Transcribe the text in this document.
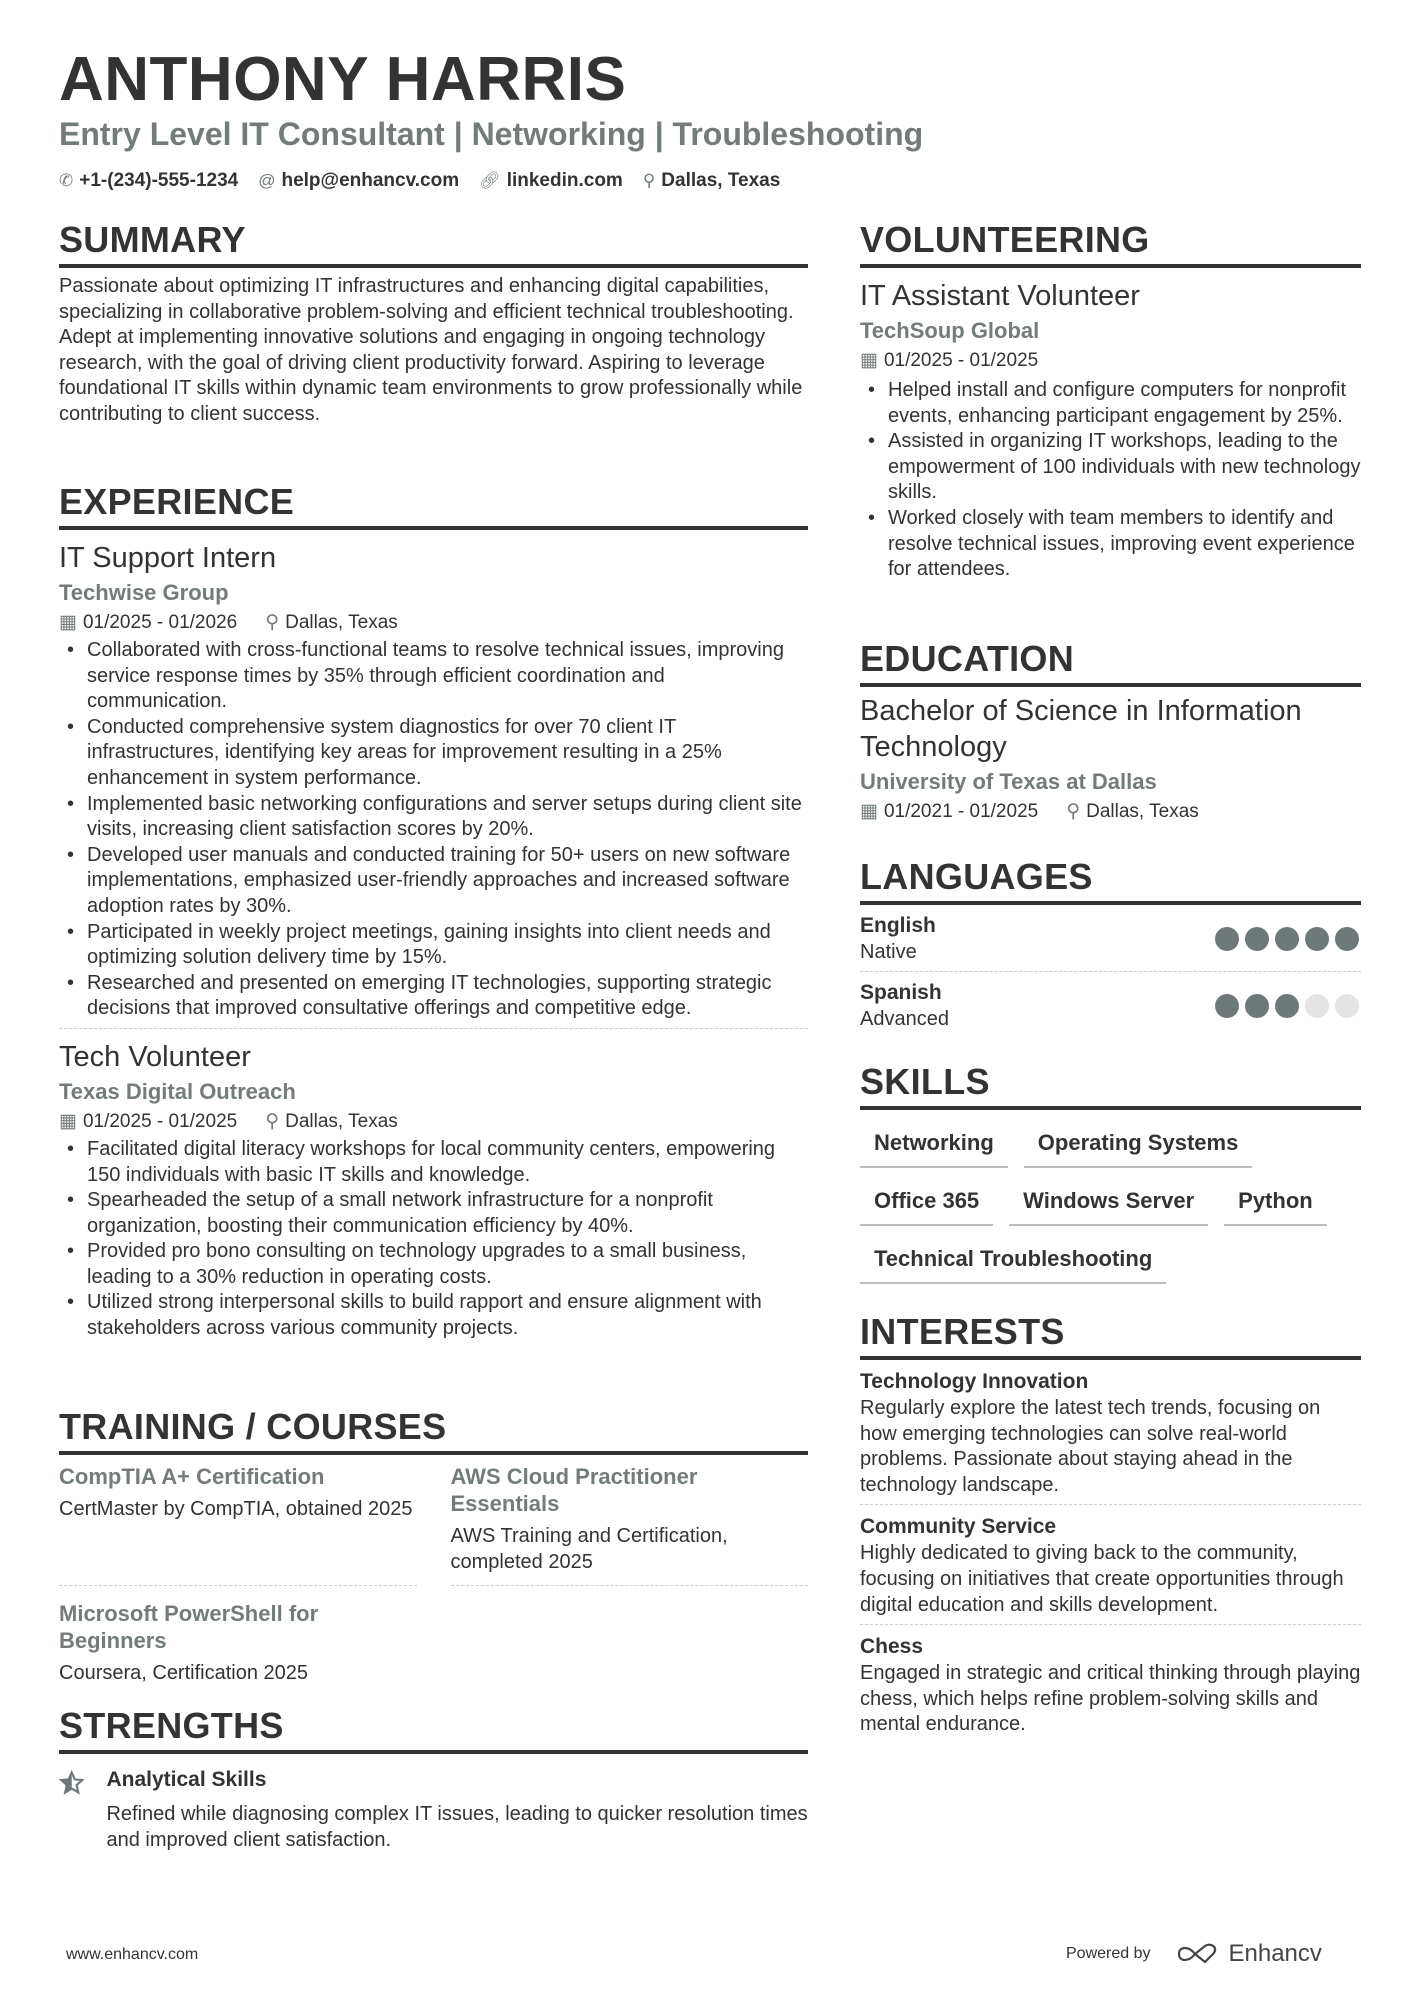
ANTHONY HARRIS
Entry Level IT Consultant | Networking | Troubleshooting
✆ +1-(234)-555-1234 @ help@enhancv.com 🔗︎ linkedin.com ⚲ Dallas, Texas
SUMMARY

Passionate about optimizing IT infrastructures and enhancing digital capabilities, specializing in collaborative problem-solving and efficient technical troubleshooting. Adept at implementing innovative solutions and engaging in ongoing technology research, with the goal of driving client productivity forward. Aspiring to leverage foundational IT skills within dynamic team environments to grow professionally while contributing to client success.

EXPERIENCE
IT Support Intern
Techwise Group
▦ 01/2025 - 01/2026 ⚲ Dallas, Texas
• Collaborated with cross-functional teams to resolve technical issues, improving service response times by 35% through efficient coordination and communication.
• Conducted comprehensive system diagnostics for over 70 client IT infrastructures, identifying key areas for improvement resulting in a 25% enhancement in system performance.
• Implemented basic networking configurations and server setups during client site visits, increasing client satisfaction scores by 20%.
• Developed user manuals and conducted training for 50+ users on new software implementations, emphasized user-friendly approaches and increased software adoption rates by 30%.
• Participated in weekly project meetings, gaining insights into client needs and optimizing solution delivery time by 15%.
• Researched and presented on emerging IT technologies, supporting strategic decisions that improved consultative offerings and competitive edge.
Tech Volunteer
Texas Digital Outreach
▦ 01/2025 - 01/2025 ⚲ Dallas, Texas
• Facilitated digital literacy workshops for local community centers, empowering 150 individuals with basic IT skills and knowledge.
• Spearheaded the setup of a small network infrastructure for a nonprofit organization, boosting their communication efficiency by 40%.
• Provided pro bono consulting on technology upgrades to a small business, leading to a 30% reduction in operating costs.
• Utilized strong interpersonal skills to build rapport and ensure alignment with stakeholders across various community projects.
TRAINING / COURSES
CompTIA A+ Certification
CertMaster by CompTIA, obtained 2025
AWS Cloud Practitioner Essentials
AWS Training and Certification, completed 2025
Microsoft PowerShell for Beginners
Coursera, Certification 2025
STRENGTHS
Analytical Skills

Refined while diagnosing complex IT issues, leading to quicker resolution times and improved client satisfaction.

VOLUNTEERING
IT Assistant Volunteer
TechSoup Global
▦ 01/2025 - 01/2025
• Helped install and configure computers for nonprofit events, enhancing participant engagement by 25%.
• Assisted in organizing IT workshops, leading to the empowerment of 100 individuals with new technology skills.
• Worked closely with team members to identify and resolve technical issues, improving event experience for attendees.
EDUCATION
Bachelor of Science in Information Technology
University of Texas at Dallas
▦ 01/2021 - 01/2025 ⚲ Dallas, Texas
LANGUAGES
English
Native
Spanish
Advanced
SKILLS
Networking	Operating Systems
Office 365	Windows Server	Python
Technical Troubleshooting
INTERESTS
Technology Innovation

Regularly explore the latest tech trends, focusing on how emerging technologies can solve real-world problems. Passionate about staying ahead in the technology landscape.

Community Service

Highly dedicated to giving back to the community, focusing on initiatives that create opportunities through digital education and skills development.

Chess

Engaged in strategic and critical thinking through playing chess, which helps refine problem-solving skills and mental endurance.

www.enhancv.com	Powered by	Enhancv
